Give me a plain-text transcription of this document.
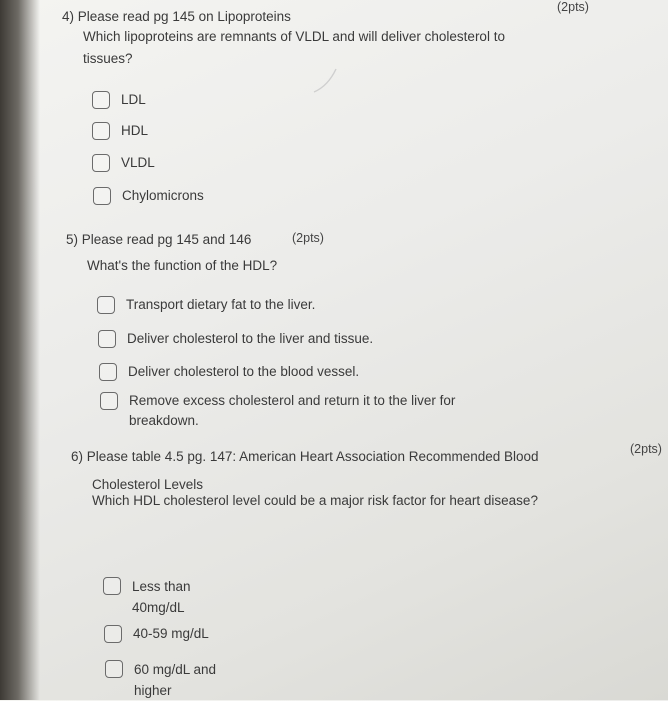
4) Please read pg 145 on Lipoproteins
(2pts)
Which lipoproteins are remnants of VLDL and will deliver cholesterol to
tissues?
LDL
HDL
VLDL
Chylomicrons
5) Please read pg 145 and 146	(2pts)
What's the function of the HDL?
Transport dietary fat to the liver.
Deliver cholesterol to the liver and tissue.
Deliver cholesterol to the blood vessel.
Remove excess cholesterol and return it to the liver for
breakdown.
6) Please table 4.5 pg. 147: American Heart Association Recommended Blood
Cholesterol Levels
(2pts)
Which HDL cholesterol level could be a major risk factor for heart disease?
Less than
40mg/dL
40-59 mg/dL
60 mg/dL and
higher
